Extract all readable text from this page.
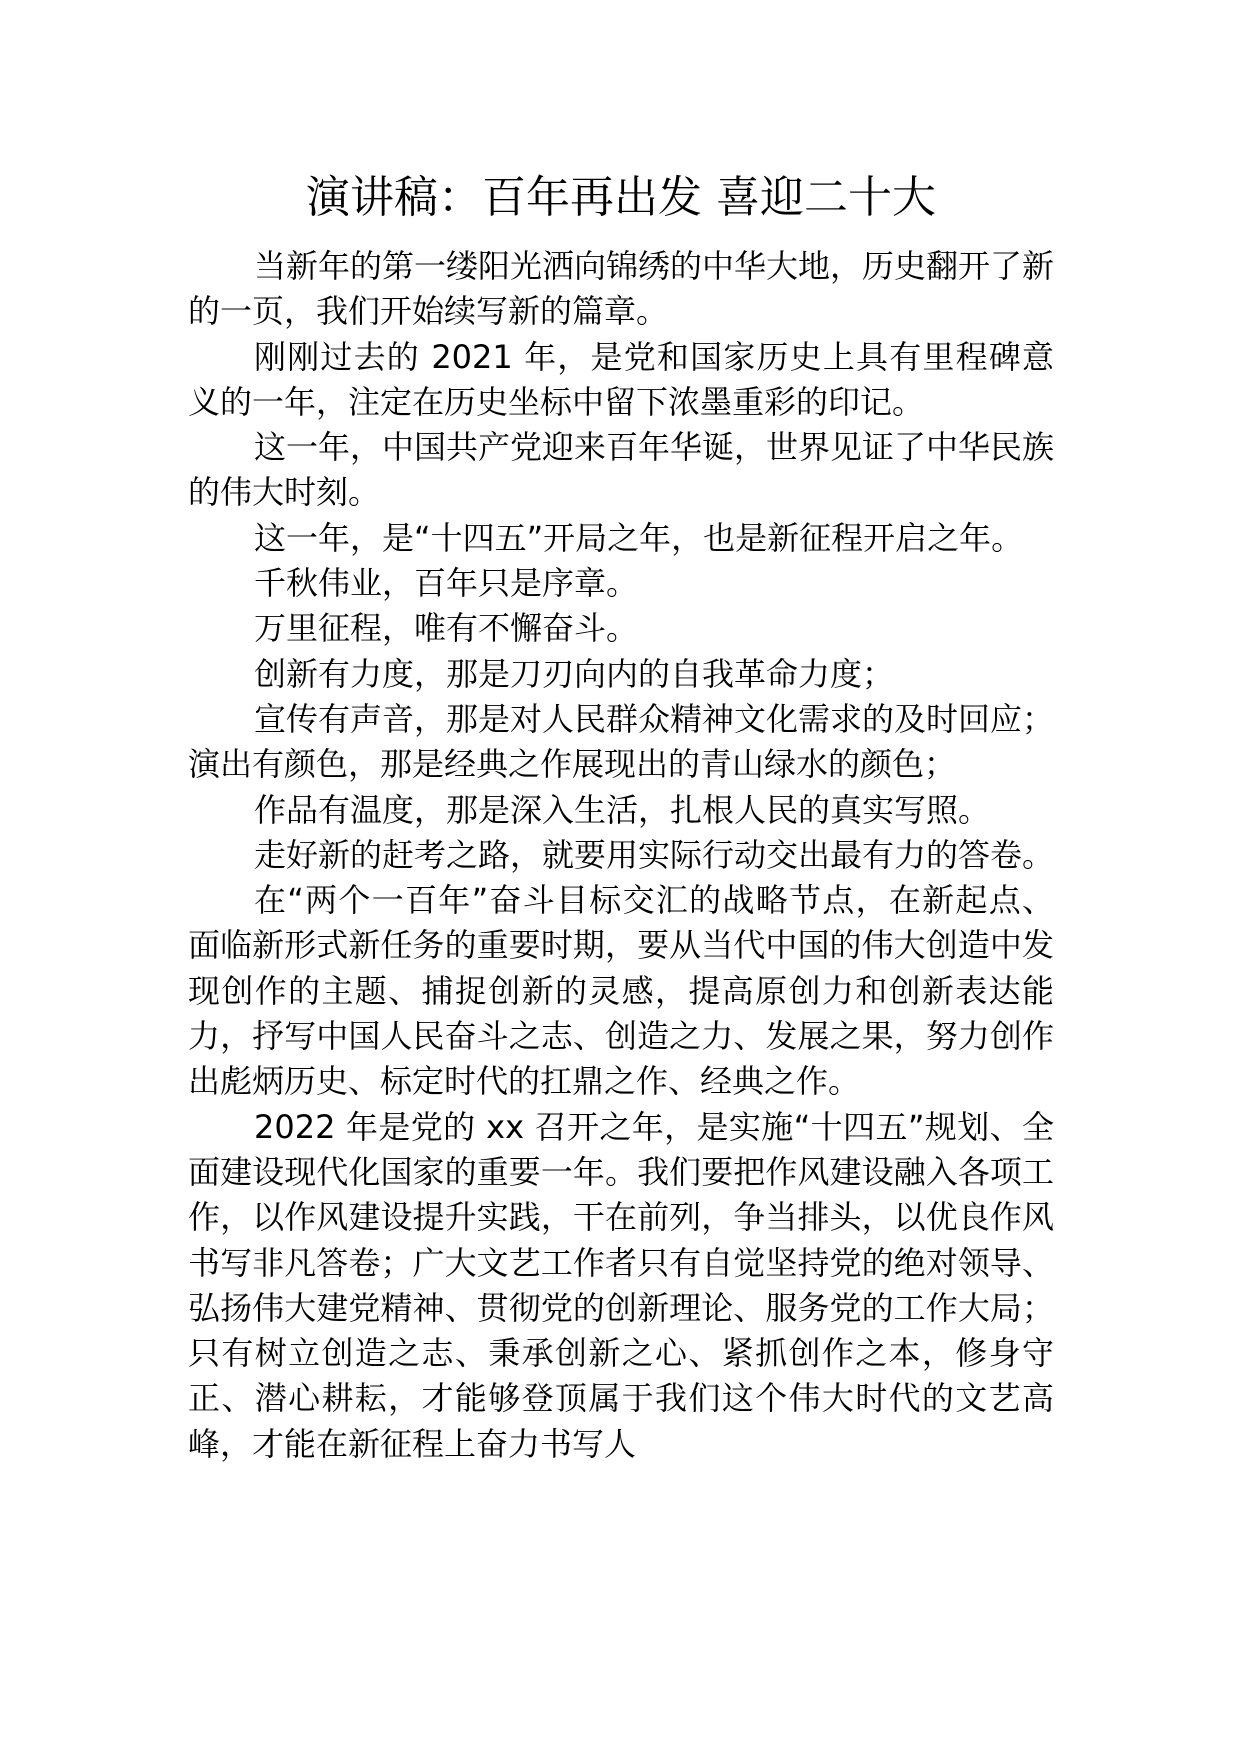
演讲稿：百年再出发 喜迎二十大

当新年的第一缕阳光洒向锦绣的中华大地，历史翻开了新的一页，我们开始续写新的篇章。

刚刚过去的 2021 年，是党和国家历史上具有里程碑意义的一年，注定在历史坐标中留下浓墨重彩的印记。

这一年，中国共产党迎来百年华诞，世界见证了中华民族的伟大时刻。

这一年，是“十四五”开局之年，也是新征程开启之年。

千秋伟业，百年只是序章。

万里征程，唯有不懈奋斗。

创新有力度，那是刀刃向内的自我革命力度；

宣传有声音，那是对人民群众精神文化需求的及时回应；演出有颜色，那是经典之作展现出的青山绿水的颜色；

作品有温度，那是深入生活，扎根人民的真实写照。

走好新的赶考之路，就要用实际行动交出最有力的答卷。

在“两个一百年”奋斗目标交汇的战略节点，在新起点、面临新形式新任务的重要时期，要从当代中国的伟大创造中发现创作的主题、捕捉创新的灵感，提高原创力和创新表达能力，抒写中国人民奋斗之志、创造之力、发展之果，努力创作出彪炳历史、标定时代的扛鼎之作、经典之作。

2022 年是党的 xx 召开之年，是实施“十四五”规划、全面建设现代化国家的重要一年。我们要把作风建设融入各项工作，以作风建设提升实践，干在前列，争当排头，以优良作风书写非凡答卷；广大文艺工作者只有自觉坚持党的绝对领导、弘扬伟大建党精神、贯彻党的创新理论、服务党的工作大局；只有树立创造之志、秉承创新之心、紧抓创作之本，修身守正、潜心耕耘，才能够登顶属于我们这个伟大时代的文艺高峰，才能在新征程上奋力书写人
